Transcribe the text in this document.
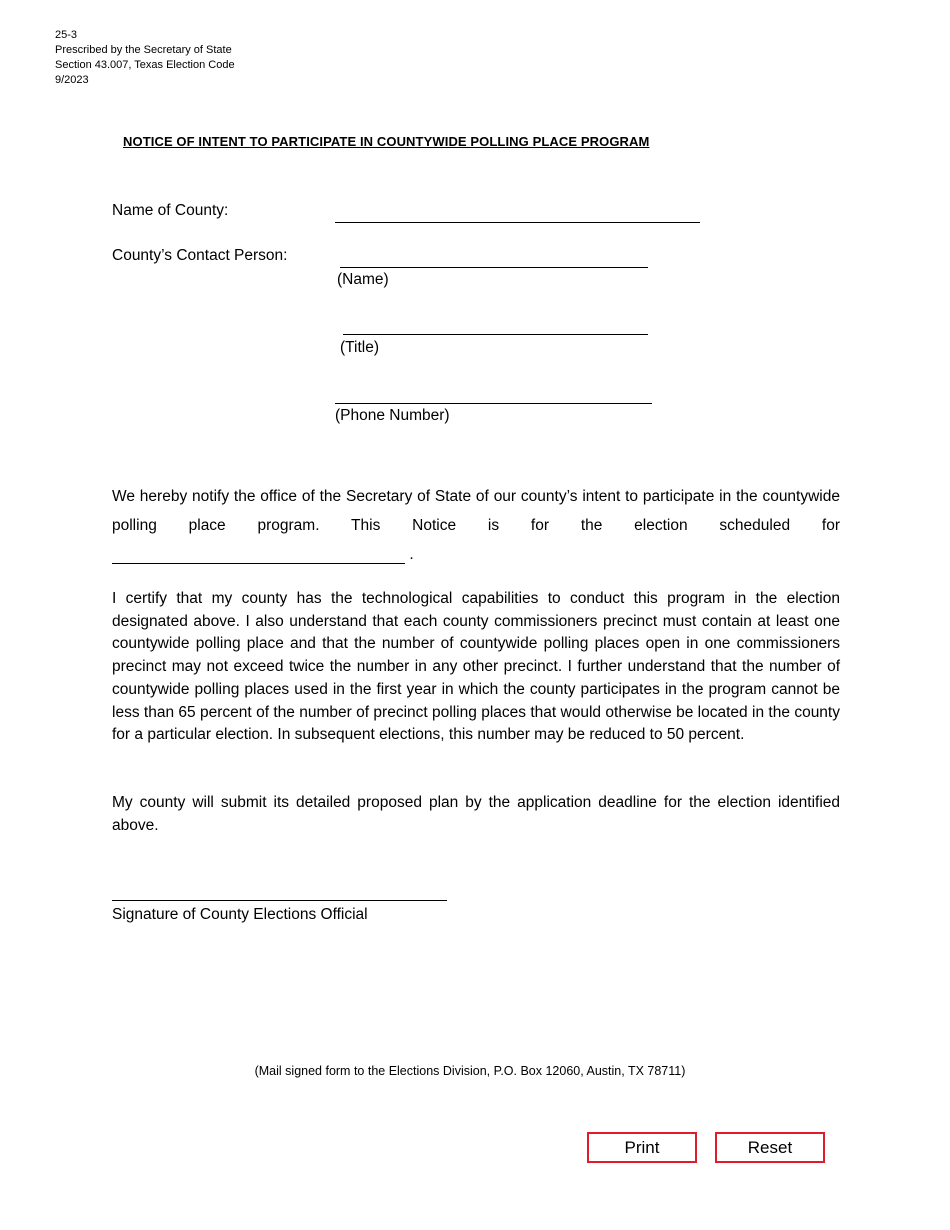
25-3
Prescribed by the Secretary of State
Section 43.007, Texas Election Code
9/2023
NOTICE OF INTENT TO PARTICIPATE IN COUNTYWIDE POLLING PLACE PROGRAM
Name of County:
County’s Contact Person:
(Name)
(Title)
(Phone Number)

We hereby notify the office of the Secretary of State of our county’s intent to participate in the countywide polling place program. This Notice is for the election scheduled for  .

I certify that my county has the technological capabilities to conduct this program in the election designated above. I also understand that each county commissioners precinct must contain at least one countywide polling place and that the number of countywide polling places open in one commissioners precinct may not exceed twice the number in any other precinct. I further understand that the number of countywide polling places used in the first year in which the county participates in the program cannot be less than 65 percent of the number of precinct polling places that would otherwise be located in the county for a particular election. In subsequent elections, this number may be reduced to 50 percent.

My county will submit its detailed proposed plan by the application deadline for the election identified above.

Signature of County Elections Official
(Mail signed form to the Elections Division, P.O. Box 12060, Austin, TX 78711)
Print	Reset
